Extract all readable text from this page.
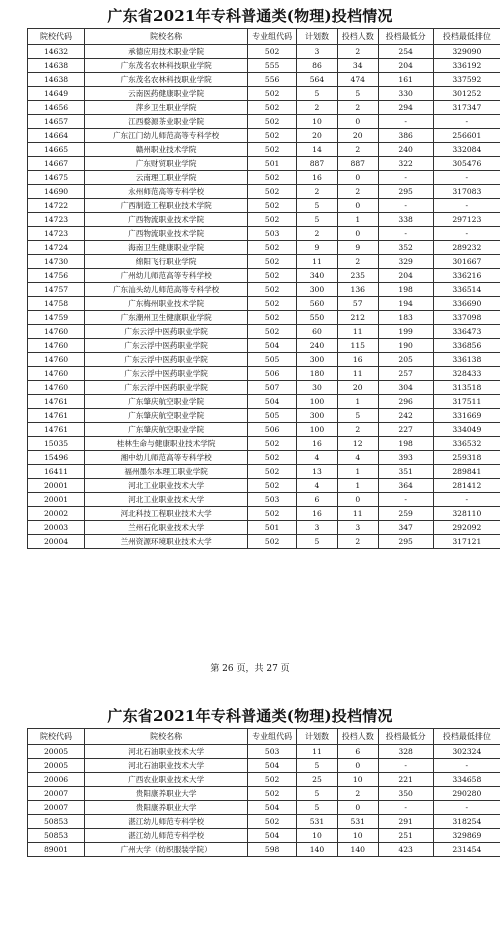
广东省2021年专科普通类(物理)投档情况
院校代码	院校名称	专业组代码	计划数	投档人数	投档最低分	投档最低排位
14632	承德应用技术职业学院	502	3	2	254	329090
14638	广东茂名农林科技职业学院	555	86	34	204	336192
14638	广东茂名农林科技职业学院	556	564	474	161	337592
14649	云南医药健康职业学院	502	5	5	330	301252
14656	萍乡卫生职业学院	502	2	2	294	317347
14657	江西婺源茶业职业学院	502	10	0	-	-
14664	广东江门幼儿师范高等专科学校	502	20	20	386	256601
14665	赣州职业技术学院	502	14	2	240	332084
14667	广东财贸职业学院	501	887	887	322	305476
14675	云南理工职业学院	502	16	0	-	-
14690	永州师范高等专科学校	502	2	2	295	317083
14722	广西制造工程职业技术学院	502	5	0	-	-
14723	广西物流职业技术学院	502	5	1	338	297123
14723	广西物流职业技术学院	503	2	0	-	-
14724	海南卫生健康职业学院	502	9	9	352	289232
14730	绵阳飞行职业学院	502	11	2	329	301667
14756	广州幼儿师范高等专科学校	502	340	235	204	336216
14757	广东汕头幼儿师范高等专科学校	502	300	136	198	336514
14758	广东梅州职业技术学院	502	560	57	194	336690
14759	广东潮州卫生健康职业学院	502	550	212	183	337098
14760	广东云浮中医药职业学院	502	60	11	199	336473
14760	广东云浮中医药职业学院	504	240	115	190	336856
14760	广东云浮中医药职业学院	505	300	16	205	336138
14760	广东云浮中医药职业学院	506	180	11	257	328433
14760	广东云浮中医药职业学院	507	30	20	304	313518
14761	广东肇庆航空职业学院	504	100	1	296	317511
14761	广东肇庆航空职业学院	505	300	5	242	331669
14761	广东肇庆航空职业学院	506	100	2	227	334049
15035	桂林生命与健康职业技术学院	502	16	12	198	336532
15496	湘中幼儿师范高等专科学校	502	4	4	393	259318
16411	福州墨尔本理工职业学院	502	13	1	351	289841
20001	河北工业职业技术大学	502	4	1	364	281412
20001	河北工业职业技术大学	503	6	0	-	-
20002	河北科技工程职业技术大学	502	16	11	259	328110
20003	兰州石化职业技术大学	501	3	3	347	292092
20004	兰州资源环境职业技术大学	502	5	2	295	317121
第 26 页，共 27 页
广东省2021年专科普通类(物理)投档情况
院校代码	院校名称	专业组代码	计划数	投档人数	投档最低分	投档最低排位
20005	河北石油职业技术大学	503	11	6	328	302324
20005	河北石油职业技术大学	504	5	0	-	-
20006	广西农业职业技术大学	502	25	10	221	334658
20007	贵阳康养职业大学	502	5	2	350	290280
20007	贵阳康养职业大学	504	5	0	-	-
50853	湛江幼儿师范专科学校	502	531	531	291	318254
50853	湛江幼儿师范专科学校	504	10	10	251	329869
89001	广州大学（纺织服装学院）	598	140	140	423	231454
